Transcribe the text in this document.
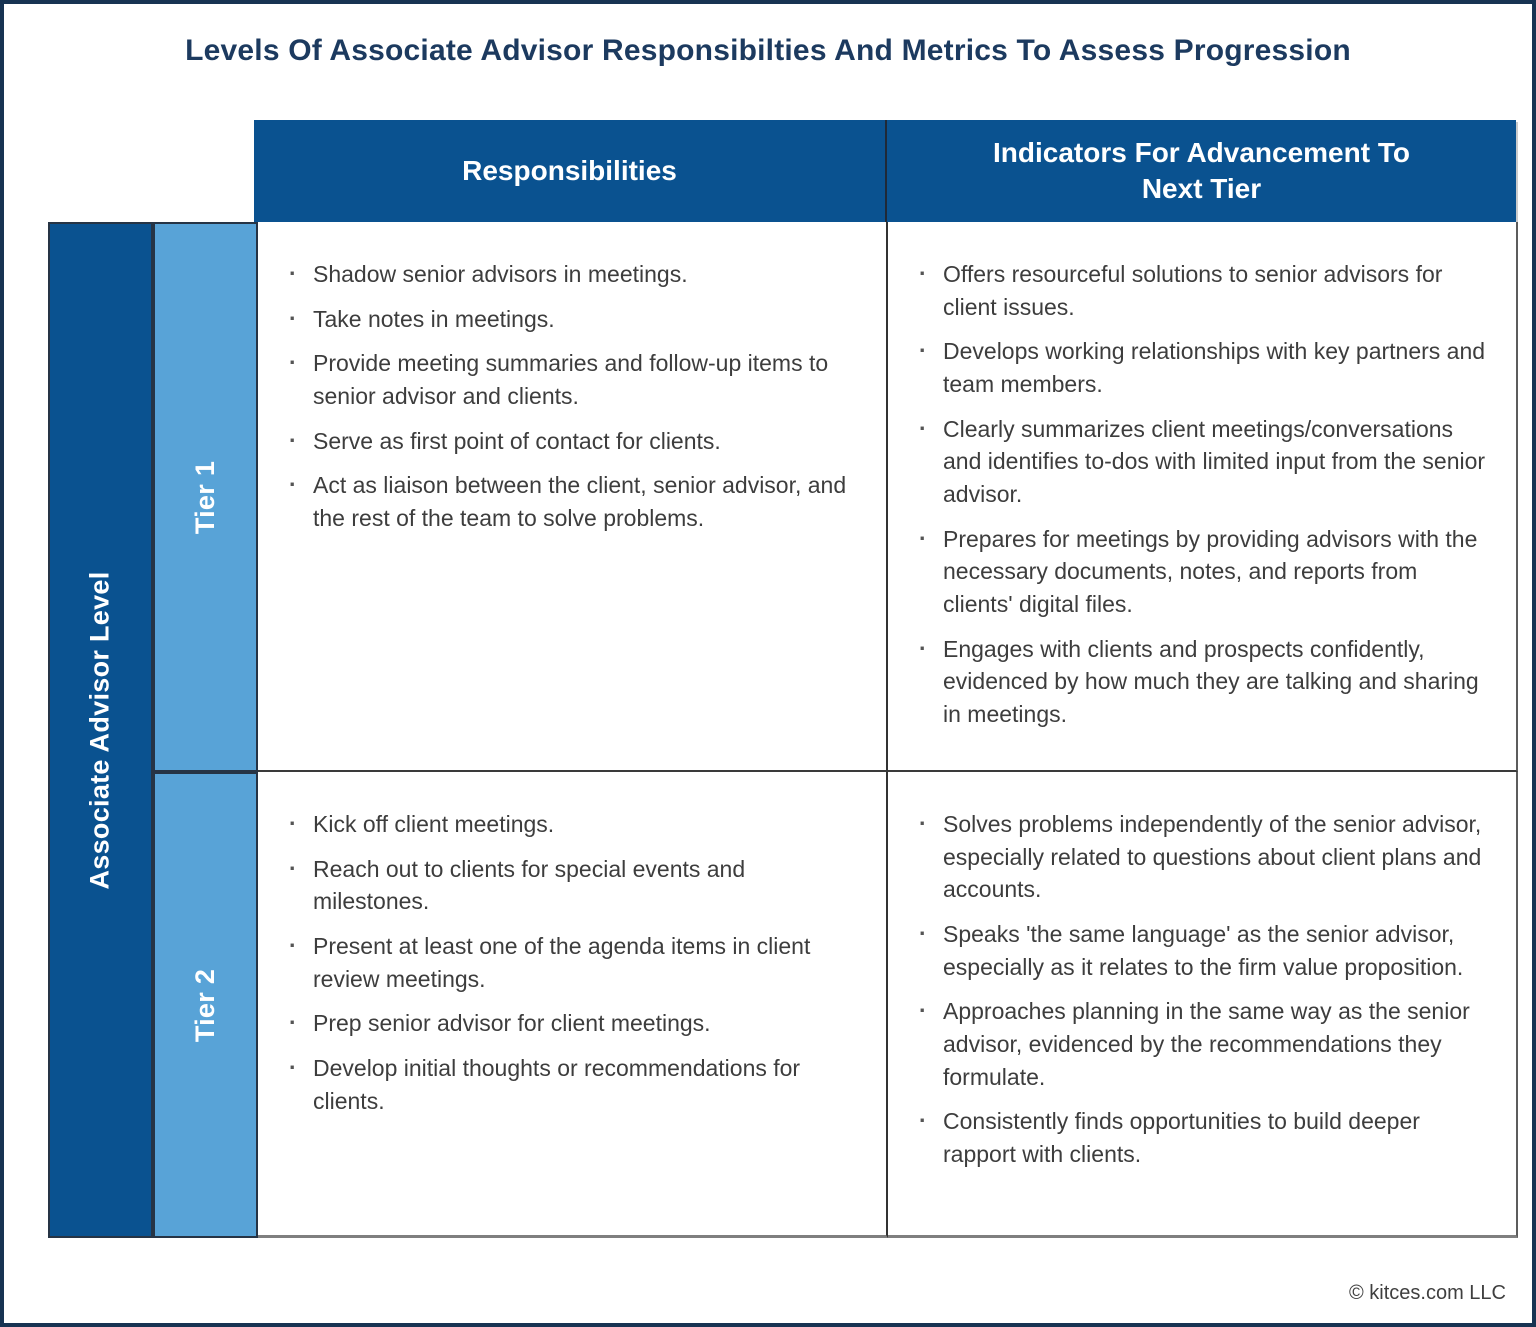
Levels Of Associate Advisor Responsibilties And Metrics To Assess Progression
Responsibilities
Indicators For Advancement To Next Tier
Associate Advisor Level
Tier 1
Tier 2
· Shadow senior advisors in meetings.
· Take notes in meetings.
· Provide meeting summaries and follow-up items to senior advisor and clients.
· Serve as first point of contact for clients.
· Act as liaison between the client, senior advisor, and the rest of the team to solve problems.
· Offers resourceful solutions to senior advisors for client issues.
· Develops working relationships with key partners and team members.
· Clearly summarizes client meetings/conversations and identifies to-dos with limited input from the senior advisor.
· Prepares for meetings by providing advisors with the necessary documents, notes, and reports from clients' digital files.
· Engages with clients and prospects confidently, evidenced by how much they are talking and sharing in meetings.
· Kick off client meetings.
· Reach out to clients for special events and milestones.
· Present at least one of the agenda items in client review meetings.
· Prep senior advisor for client meetings.
· Develop initial thoughts or recommendations for clients.
· Solves problems independently of the senior advisor, especially related to questions about client plans and accounts.
· Speaks 'the same language' as the senior advisor, especially as it relates to the firm value proposition.
· Approaches planning in the same way as the senior advisor, evidenced by the recommendations they formulate.
· Consistently finds opportunities to build deeper rapport with clients.
© kitces.com LLC
